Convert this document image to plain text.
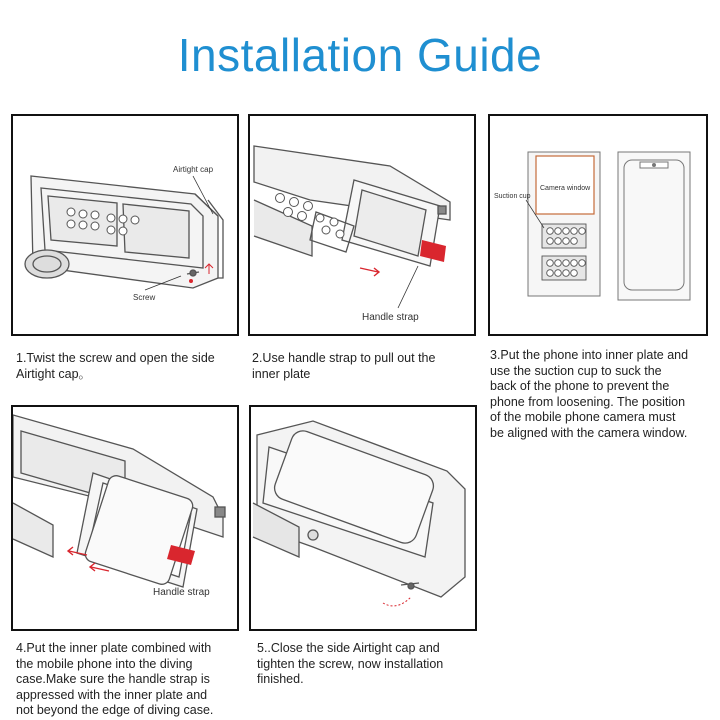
Installation Guide
Airtight cap
Screw
Handle strap
Suction cup
Camera window
Handle strap
1.Twist the screw and open the side
Airtight cap。
2.Use handle strap to pull out the
inner plate
3.Put the phone into inner plate and
use the suction cup to suck the
back of the phone to prevent the
phone from loosening. The position
of the mobile phone camera must
be aligned with the camera window.
4.Put the inner plate combined with
the mobile phone into the diving
case.Make sure the handle strap is
appressed with the inner plate and
not beyond the edge of diving case.
5..Close the side Airtight cap and
tighten the screw, now installation
finished.
